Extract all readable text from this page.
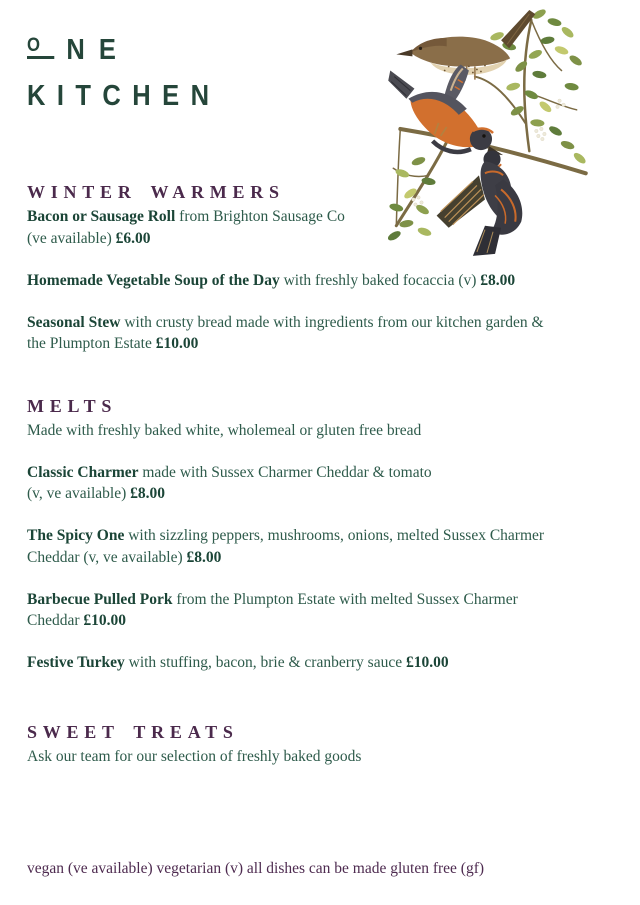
O NE
KITCHEN
WINTER WARMERS

Bacon or Sausage Roll from Brighton Sausage Co
(ve available) £6.00

Homemade Vegetable Soup of the Day with freshly baked focaccia (v) £8.00

Seasonal Stew with crusty bread made with ingredients from our kitchen garden &
the Plumpton Estate £10.00

MELTS

Made with freshly baked white, wholemeal or gluten free bread

Classic Charmer made with Sussex Charmer Cheddar & tomato
(v, ve available) £8.00

The Spicy One with sizzling peppers, mushrooms, onions, melted Sussex Charmer
Cheddar (v, ve available) £8.00

Barbecue Pulled Pork from the Plumpton Estate with melted Sussex Charmer
Cheddar £10.00

Festive Turkey with stuffing, bacon, brie & cranberry sauce £10.00

SWEET TREATS

Ask our team for our selection of freshly baked goods

vegan (ve available) vegetarian (v) all dishes can be made gluten free (gf)
